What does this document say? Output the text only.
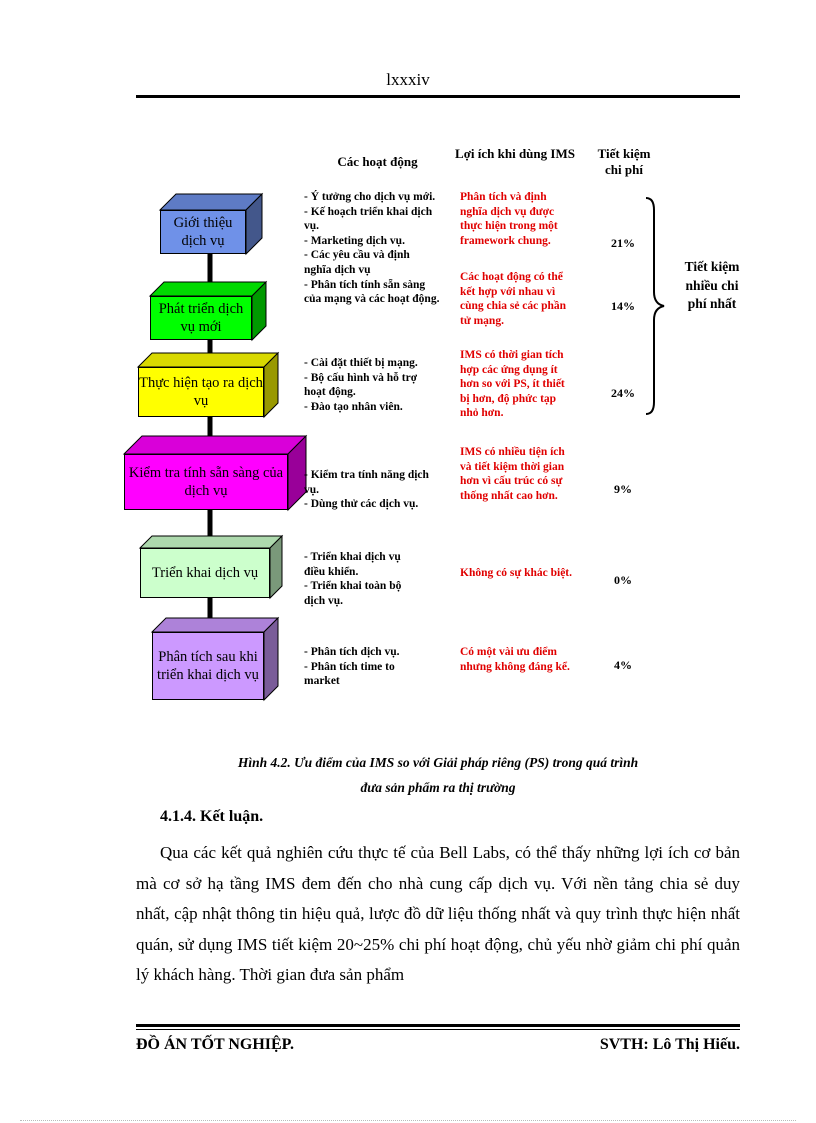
lxxxiv
Các hoạt động
Lợi ích khi dùng IMS	Tiết kiệm chi phí
Giới thiệu dịch vụ
Phát triển dịch vụ mới
Thực hiện tạo ra dịch vụ
Kiểm tra tính sẵn sàng của dịch vụ
Triển khai dịch vụ
Phân tích sau khi triển khai dịch vụ
- Ý tưởng cho dịch vụ mới.
- Kế hoạch triển khai dịch vụ.
- Marketing dịch vụ.
- Các yêu cầu và định nghĩa dịch vụ
- Phân tích tính sẵn sàng của mạng và các hoạt động.
- Cài đặt thiết bị mạng.
- Bộ cấu hình và hỗ trợ hoạt động.
- Đào tạo nhân viên.
- Kiểm tra tính năng dịch vụ.
- Dùng thử các dịch vụ.
- Triển khai dịch vụ điều khiển.
- Triển khai toàn bộ dịch vụ.
- Phân tích dịch vụ.
- Phân tích time to market
Phân tích và định nghĩa dịch vụ được thực hiện trong một framework chung.
Các hoạt động có thể kết hợp với nhau vì cùng chia sẻ các phần tử mạng.
IMS có thời gian tích hợp các ứng dụng ít hơn so với PS, ít thiết bị hơn, độ phức tạp nhỏ hơn.
IMS có nhiều tiện ích và tiết kiệm thời gian hơn vì cấu trúc có sự thống nhất cao hơn.
Không có sự khác biệt.
Có một vài ưu điểm nhưng không đáng kể.
21%
14%
24%
9%
0%
4%
Tiết kiệm nhiều chi phí nhất
Hình 4.2. Ưu điểm của IMS so với Giải pháp riêng (PS) trong quá trình
đưa sản phẩm ra thị trường
4.1.4. Kết luận.

Qua các kết quả nghiên cứu thực tế của Bell Labs, có thể thấy những lợi ích cơ bản mà cơ sở hạ tầng IMS đem đến cho nhà cung cấp dịch vụ. Với nền tảng chia sẻ duy nhất, cập nhật thông tin hiệu quả, lược đồ dữ liệu thống nhất và quy trình thực hiện nhất quán, sử dụng IMS tiết kiệm 20~25% chi phí hoạt động, chủ yếu nhờ giảm chi phí quản lý khách hàng. Thời gian đưa sản phẩm

ĐỒ ÁN TỐT NGHIỆP.	SVTH: Lô Thị Hiếu.
